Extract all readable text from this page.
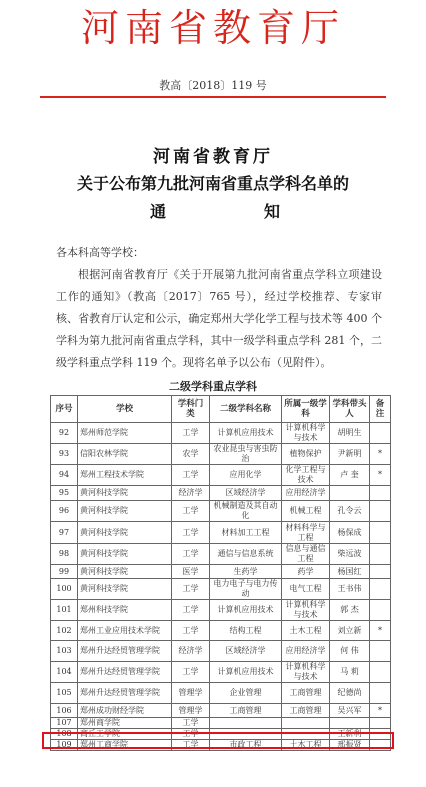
河南省教育厅
教高〔2018〕119 号
河南省教育厅
关于公布第九批河南省重点学科名单的
通	知
各本科高等学校：
根据河南省教育厅《关于开展第九批河南省重点学科立项建设工作的通知》（教高〔2017〕765 号），经过学校推荐、专家审核、省教育厅认定和公示，确定郑州大学化学工程与技术等 400 个学科为第九批河南省重点学科，其中一级学科重点学科 281 个，二级学科重点学科 119 个。现将名单予以公布（见附件）。
二级学科重点学科
序号	学校	学科门类	二级学科名称	所属一级学科	学科带头人	备注
92	郑州师范学院	工学	计算机应用技术	计算机科学与技术	胡明生	
93	信阳农林学院	农学	农业昆虫与害虫防治	植物保护	尹新明	*
94	郑州工程技术学院	工学	应用化学	化学工程与技术	卢 奎	*
95	黄河科技学院	经济学	区域经济学	应用经济学		
96	黄河科技学院	工学	机械制造及其自动化	机械工程	孔令云	
97	黄河科技学院	工学	材料加工工程	材料科学与工程	杨保成	
98	黄河科技学院	工学	通信与信息系统	信息与通信工程	柴远波	
99	黄河科技学院	医学	生药学	药学	杨国红	
100	黄河科技学院	工学	电力电子与电力传动	电气工程	王书伟	
101	郑州科技学院	工学	计算机应用技术	计算机科学与技术	郭 杰	
102	郑州工业应用技术学院	工学	结构工程	土木工程	刘立新	*
103	郑州升达经贸管理学院	经济学	区域经济学	应用经济学	何 伟	
104	郑州升达经贸管理学院	工学	计算机应用技术	计算机科学与技术	马 莉	
105	郑州升达经贸管理学院	管理学	企业管理	工商管理	纪德尚	
106	郑州成功财经学院	管理学	工商管理	工商管理	吴兴军	*
107	郑州商学院	工学				
108	商丘工学院	工学			王新利	
109	郑州工商学院	工学	市政工程	土木工程	邢振贤	
